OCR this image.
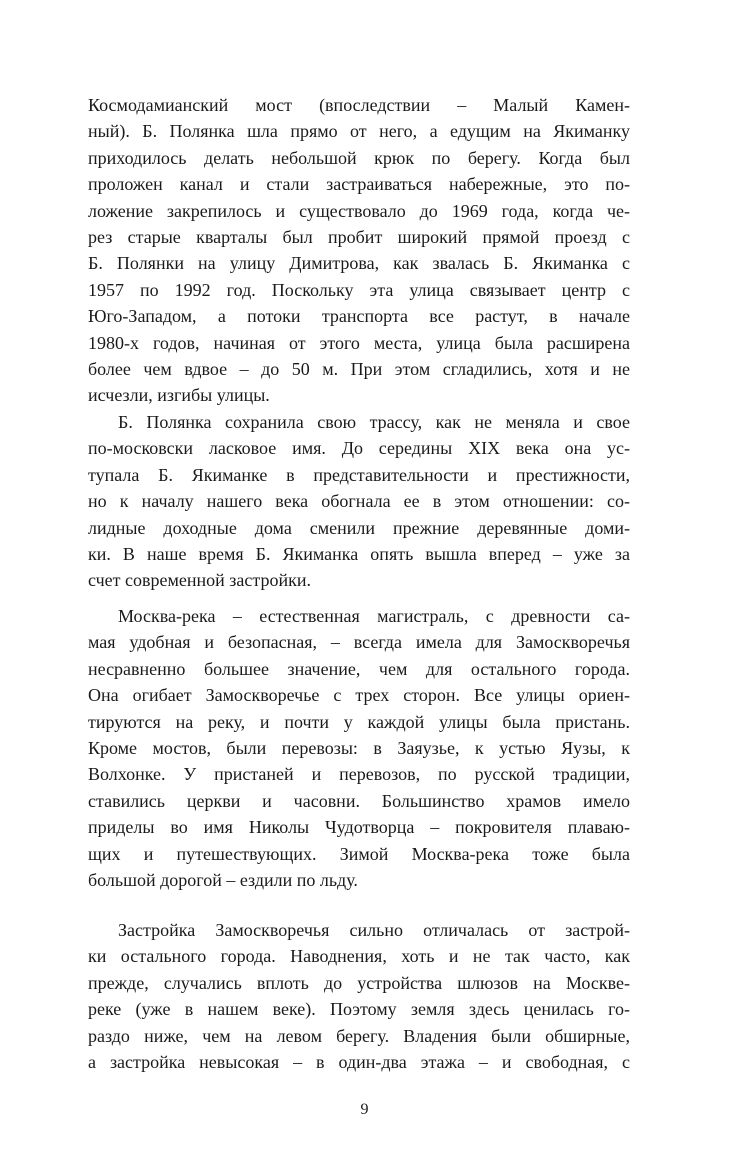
Космодамианский мост (впоследствии – Малый Камен-
ный). Б. Полянка шла прямо от него, а едущим на Якиманку
приходилось делать небольшой крюк по берегу. Когда был
проложен канал и стали застраиваться набережные, это по-
ложение закрепилось и существовало до 1969 года, когда че-
рез старые кварталы был пробит широкий прямой проезд с
Б. Полянки на улицу Димитрова, как звалась Б. Якиманка с
1957 по 1992 год. Поскольку эта улица связывает центр с
Юго-Западом, а потоки транспорта все растут, в начале
1980-х годов, начиная от этого места, улица была расширена
более чем вдвое – до 50 м. При этом сгладились, хотя и не
исчезли, изгибы улицы.
Б. Полянка сохранила свою трассу, как не меняла и свое
по-московски ласковое имя. До середины XIX века она ус-
тупала Б. Якиманке в представительности и престижности,
но к началу нашего века обогнала ее в этом отношении: со-
лидные доходные дома сменили прежние деревянные доми-
ки. В наше время Б. Якиманка опять вышла вперед – уже за
счет современной застройки.
Москва-река – естественная магистраль, с древности са-
мая удобная и безопасная, – всегда имела для Замоскворечья
несравненно большее значение, чем для остального города.
Она огибает Замоскворечье с трех сторон. Все улицы ориен-
тируются на реку, и почти у каждой улицы была пристань.
Кроме мостов, были перевозы: в Заяузье, к устью Яузы, к
Волхонке. У пристаней и перевозов, по русской традиции,
ставились церкви и часовни. Большинство храмов имело
приделы во имя Николы Чудотворца – покровителя плаваю-
щих и путешествующих. Зимой Москва-река тоже была
большой дорогой – ездили по льду.
Застройка Замоскворечья сильно отличалась от застрой-
ки остального города. Наводнения, хоть и не так часто, как
прежде, случались вплоть до устройства шлюзов на Москве-
реке (уже в нашем веке). Поэтому земля здесь ценилась го-
раздо ниже, чем на левом берегу. Владения были обширные,
а застройка невысокая – в один-два этажа – и свободная, с
9
